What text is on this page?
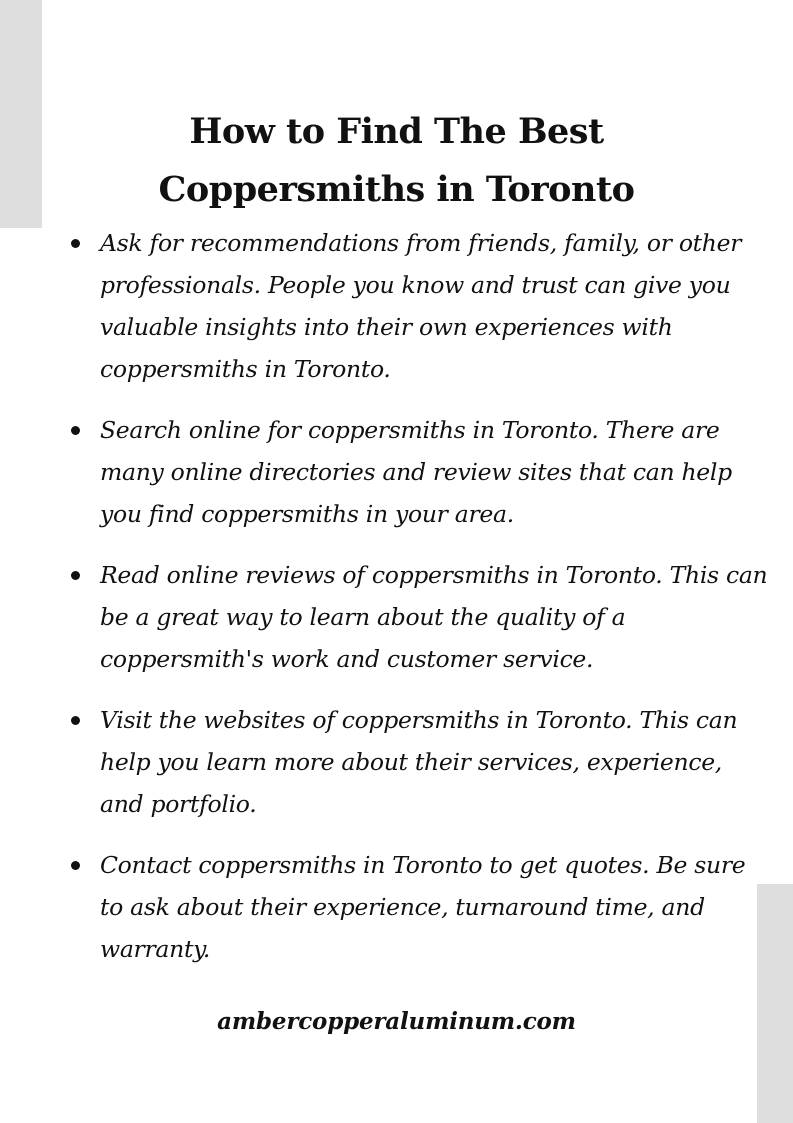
How to Find The Best
Coppersmiths in Toronto
Ask for recommendations from friends, family, or other professionals. People you know and trust can give you valuable insights into their own experiences with coppersmiths in Toronto.
Search online for coppersmiths in Toronto. There are many online directories and review sites that can help you find coppersmiths in your area.
Read online reviews of coppersmiths in Toronto. This can be a great way to learn about the quality of a coppersmith's work and customer service.
Visit the websites of coppersmiths in Toronto. This can help you learn more about their services, experience, and portfolio.
Contact coppersmiths in Toronto to get quotes. Be sure to ask about their experience, turnaround time, and warranty.
ambercopperaluminum.com
